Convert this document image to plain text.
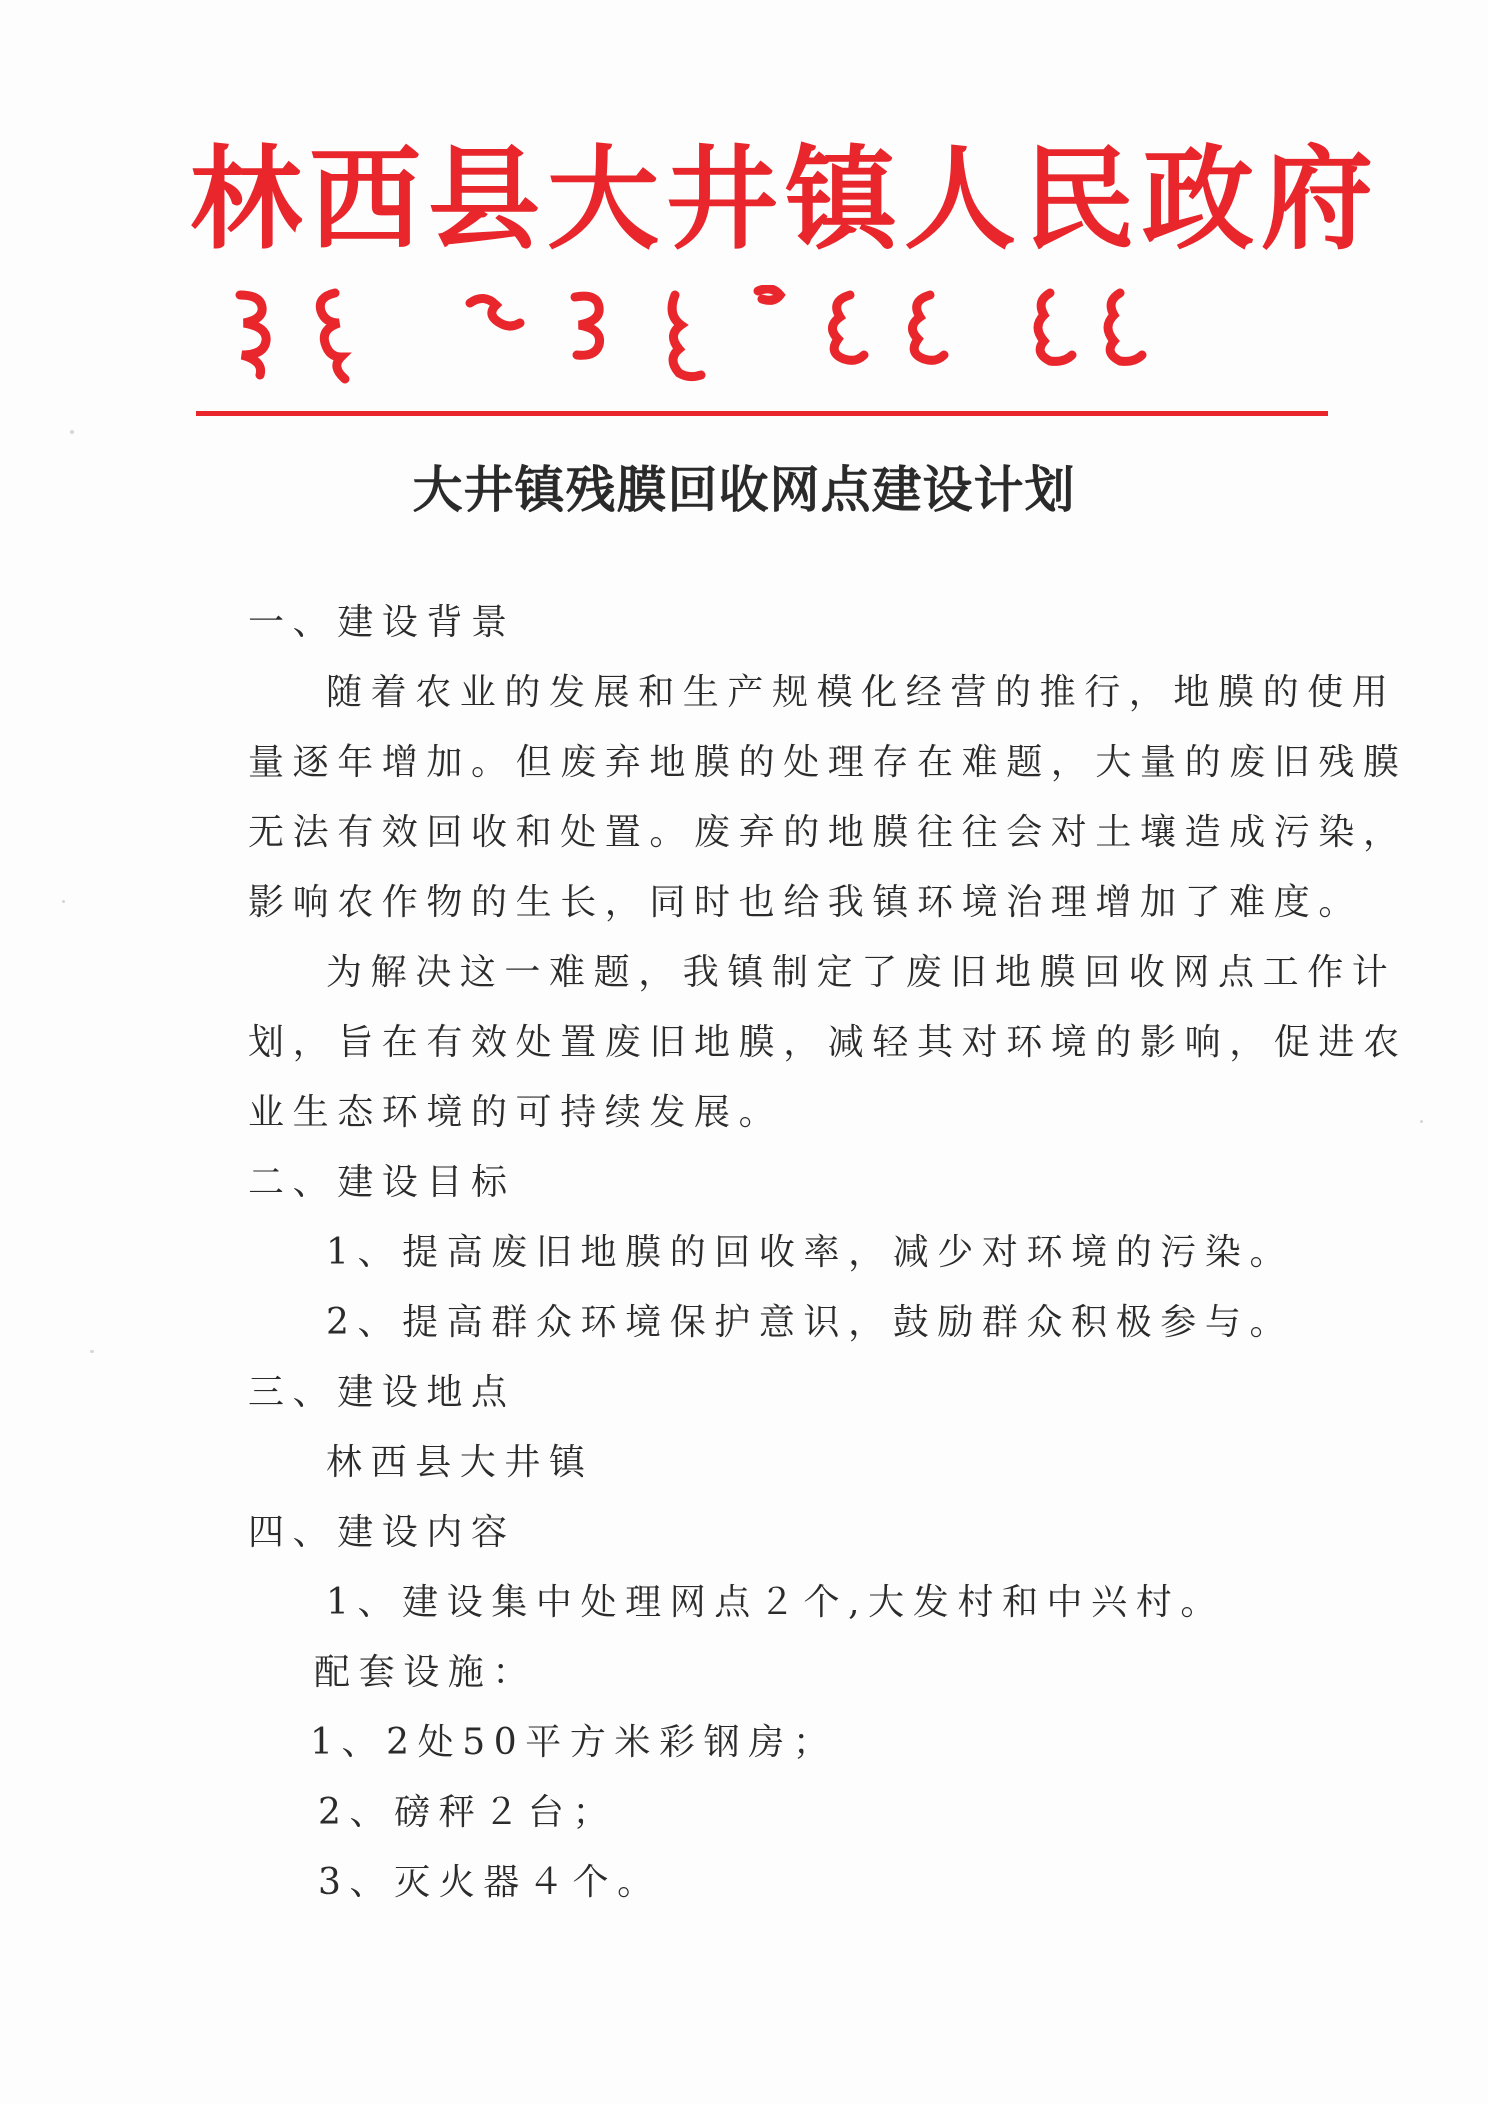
林西县大井镇人民政府
大井镇残膜回收网点建设计划
一、建设背景
随着农业的发展和生产规模化经营的推行，地膜的使用
量逐年增加。但废弃地膜的处理存在难题，大量的废旧残膜
无法有效回收和处置。废弃的地膜往往会对土壤造成污染，
影响农作物的生长，同时也给我镇环境治理增加了难度。
为解决这一难题，我镇制定了废旧地膜回收网点工作计
划，旨在有效处置废旧地膜，减轻其对环境的影响，促进农
业生态环境的可持续发展。
二、建设目标
1、提高废旧地膜的回收率，减少对环境的污染。
2、提高群众环境保护意识，鼓励群众积极参与。
三、建设地点
林西县大井镇
四、建设内容
1、建设集中处理网点２个,大发村和中兴村。
配套设施：
1、2处50平方米彩钢房；
2、磅秤２台；
3、灭火器４个。
